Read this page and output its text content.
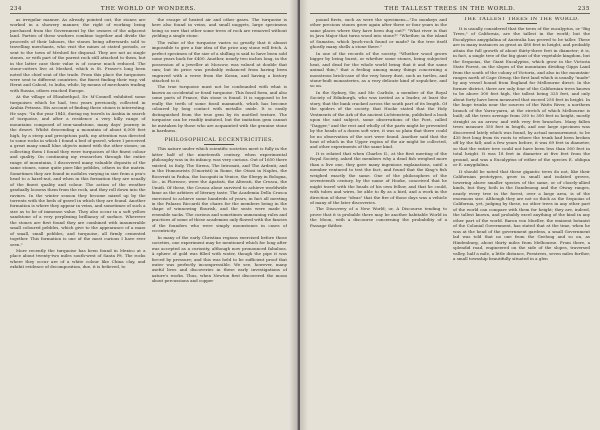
234	THE WORLD OF WONDERS.

as irregular manner. As already pointed out, the stones are worked in a showery manner, the right of working being purchased from the Government by the owners of the adjacent land. Parties of these workers combine together and divide the proceeds of their labours, the stones being afterwards sold to travelling merchants, who visit the mines at stated periods, or sent to the town of Meshed for disposal. They are not as single stones, or with part of the parent rock still attached to them, but in the latter case their value is of course much reduced. The stone-cutters live at Meshed, which is St. Fraser's long been noted the chief seat of the trade. From this place the turquoises were sent to different countries, the finest finding their way, vid Herat and Cabool, to India, while, by means of merchants trading with Russia, others reached Europe.

At the village of Elizabethpol, Dr. M'Connell exhibited some turquoises which he had, two years previously, collected in Arabia Petraea. His account of finding these stones is interesting. He says: "In the year 1845, during my travels in Arabia in search of turquoise, and after a residence a very hilly range of mountains composed of iron-sandstone, many days' journey in the desert. Whilst descending a mountain of about 6,000 feet high, by a steep and precipitous path, my attention was directed to some rocks in which I found a bed of gravel, where I perceived a great many small blue objects mixed with the other stones; on collecting them I found they were turquoises of the finest colour and quality. On continuing my researches through the entire range of mountains, I discovered many valuable deposits of the same stones, some quite pure like pebbles, others in the matrix. Sometimes they are found in nodules varying in size from a pea's head to a hazel-nut, and when in this formation they are usually of the finest quality and colour. The action of the weather gradually loosens them from the rock, and they roll down into the ravines. In the winter season they become mixed up by the torrents with the beds of gravel in which they are found. Another formation is where they appear in veins, and sometimes of such a size as to be of immense value. They also occur in a soft yellow sandstone of a very perplexing brilliancy of surface. Wherever the stones are first found they are combined with innumerable small coloured pebbles, which give to the appearance of a mass of small, small pebbles, and turquoise, all firmly cemented together. This formation is one of the most curious I have ever seen."

More recently the turquoise has been found in Mexico at a place about twenty-two miles south-west of Santa Fé. The rocks where they occur are of a white colour like China clay, and exhibit evidence of decomposition, due, it is believed, to

the escape of heated air and other gases. The turquoise is here also found in veins, and small nuggets, large specimens being so rare that other some trees of rock are removed without yielding a single stone.

The value of the turquoise varies so greatly that it almost impossible to give a fair idea of the price any stone will fetch. A perfect specimen of the size of a shilling is said to have been sold some years back for £400. Another, nearly two inches long, in the possession of a jeweller at Moscow, was valued at double that sum; but its price was probably enhanced from having been engraved with a verse from the Koran, and having a history attached to it.

The true turquoise must not be confounded with what is known as occidental or fossil turquoise. This fossil form, and also some parts of France, this stone is found. It is supposed to be really the teeth of some fossil mammoth, which has become coloured by long contact with metallic oxide. It is easily distinguished from the true gem by its mottled texture. The turquoise can be readily imitated, but the imitation gem cannot be mistaken by those who are acquainted with the genuine stone in hardness.

PHILOSOPHICAL ECCENTRICITIES.

This nature under which scientific societies meet is fully in the latter half of the nineteenth century, when experimental philosophy was in its infancy, was very curious. Out of 1650 there existed, in Italy, The Sirens, The Intronati, and The Ardenti; and in the Humourists (Umoristi) in Rome, the Otiosi in Naples, the Ricovrati in Padua, the Incogniti in Venice, the Sleepy in Bologna, &c., in Florence, were the Apatisti, the Alterati, the Crusca, the Umidi. Of these, the Crusca alone survived to achieve worldwide fame as the arbiters of literary taste. The Academia Della Crusca exercised to achieve some hundreds of years, in fact all meeting in the Palazzo Riccardi the chairs for the members being in the shape of winnowing flourish, and the seats were made to resemble sacks. The curious and sometimes unmeaning rules and practices of some of these academies only flowed with the fancies of the founders who were simply moonstones in cases of eccentricity.

In many of the early Christian regions exercised before those societies, one experiment may be mentioned which for long after was accepted as a curiosity, although now pronounced fabulous. A sphere of gold was filled with water, though the pipe it was forced by pressure; and this was held to be sufficient proof that water was perfectly incompressible. We see, however, many useful lives and discoveries in these early investigations of nature's works. Thus, when Newton first discovered the moon about percussions and copper

THE TALLEST TREES IN THE WORLD.	235

pound firsts, such as were the specimens—"Do monkeys and other precious stones grow again after three or four years in the same places where they have been dug out?" "What river is that in Java Major that turns wood into stone?" "Whether, in the island of Sumatra, which lynch-rock found or made? In the tree itself ghostly many shells a stone there."

In one of the records of the society, "Whether wood grows bigger by being burnt, or whether some stones, being subjected heat, and dead for the whole world being that it and the same animal thin," that a feeling among many things concerning a monstrous brick-case of the very heavy dust, such as turtles, and stone-built monasteries, as a very delicate kind of sepulchre, and so on.

In the Sydney, Sir, and Mr. Carlisle, a member of the Royal Society of Edinburgh, who was invited as a leader, at least the story, that the bank cracked across the south part of its length. Of the spiders of the society, that Hooke stated that the Holy Vestments of the Ark of the ancient Lichtenstein, published a book upon the said subject, some observations of the Poet, called "Dagger," and the rest and wholly of the parts might be prevented by the heads of a dozen soft wire, it was so plain that there could be no observation of the sort were found. Another said that the heat of which in the Upper region of the air might be collected, and other experiments of the same kind.

It is related that when Charles II., at the first meeting of the Royal Society, asked the members why a dead fish weighed more than a live one, they gave many ingenious explanations, until a member ventured to test the fact, and found that the King's fish weighed exactly the same. One of the philosophers of the seventeenth century, by the name of Hooke, conceived that he might travel with the heads of his own fellow, and that he could, with tubes and wires, be able to fly as a bird, and a work in the direction of these "ideas" that the fire of those days was a vehicle of many of the later discoveries.

The Discovery of a New World; or, A Discourse tending to prove that it is probable there may be another habitable World in the Moon, with a discourse concerning the probability of a Passage thither.

THE TALLEST TREES IN THE WORLD.

It is usually considered that the trees of the eucalyptus, or "Big Trees," of California, are the tallest in the world; but the Eucalyptus amygdalina of Australia has proved to be taller. These are in many instances as great as 480 feet in height, and probably attain the full growth of about thirty-three feet in diameter; it is, in fact, a single tree of the big giant of the vegetable kingdom, but the Sequoias, the Giant Eucalyptus, which grow in the Victoria State Forest, on the slopes of the mountains dividing Gipps Land from the south of the colony of Victoria, and also in the mountain-ranges north of Cape Otway, the first land which is usually "made" by any vessel bound from England for Melbourne direct. In the former district, there are only four of the Californian trees known to be above 300 feet high, the tallest being 325 feet, and only about forty have been measured that exceed 250 feet in height. In the huge trunks near the sources of the Watts River, a northern branch of the Yarra-yarra, at the stretch of which Melbourne is built; all the trees average from 250 to 300 feet in height, mostly straight as an arrow, and with very few branches. Many fallen trees measure 350 feet in length, and one large specimen was discovered lately which was found, by actual measurement, to be 435 feet long from its roots to where the trunk had been broken off by the fall; and a few years before, it was 69 feet in diameter, so that the entire tree could not have been less than 500 feet in total height. It was 18 feet in diameter at five feet from the ground, and was a Eucalyptus of either of the species E. obliqua or E. amygdalina.

It should be noted that these gigantic trees do not, like their Californian prototypes, grow in small and isolated groves, towering above smaller species of the same, or of closely-allied kinds, but they, both in the Dandenong and the Otway ranges, nearly every tree in the forest, over a large area, is of the enormous size. Although they are not so thick as the Sequoias of California, yet, judging by these, no other trees in any other part of the world can compare with them for height; they are, indeed, the tallest known, and probably excel anything of the kind in any other part of the world. Baron von Mueller, the eminent botanist of the Colonial Government, has stated that at the time, when he was at the head of the government gardens, a small Government lad was told that no one from the Geelong and so on, as Hindenburg, about thirty miles from Melbourne. From there, a splendid road, engineered on the side of the slopes, traversed valley, half a mile, a little distance, Ferntrees, seven miles further, a small township beautifully situated in a glen
